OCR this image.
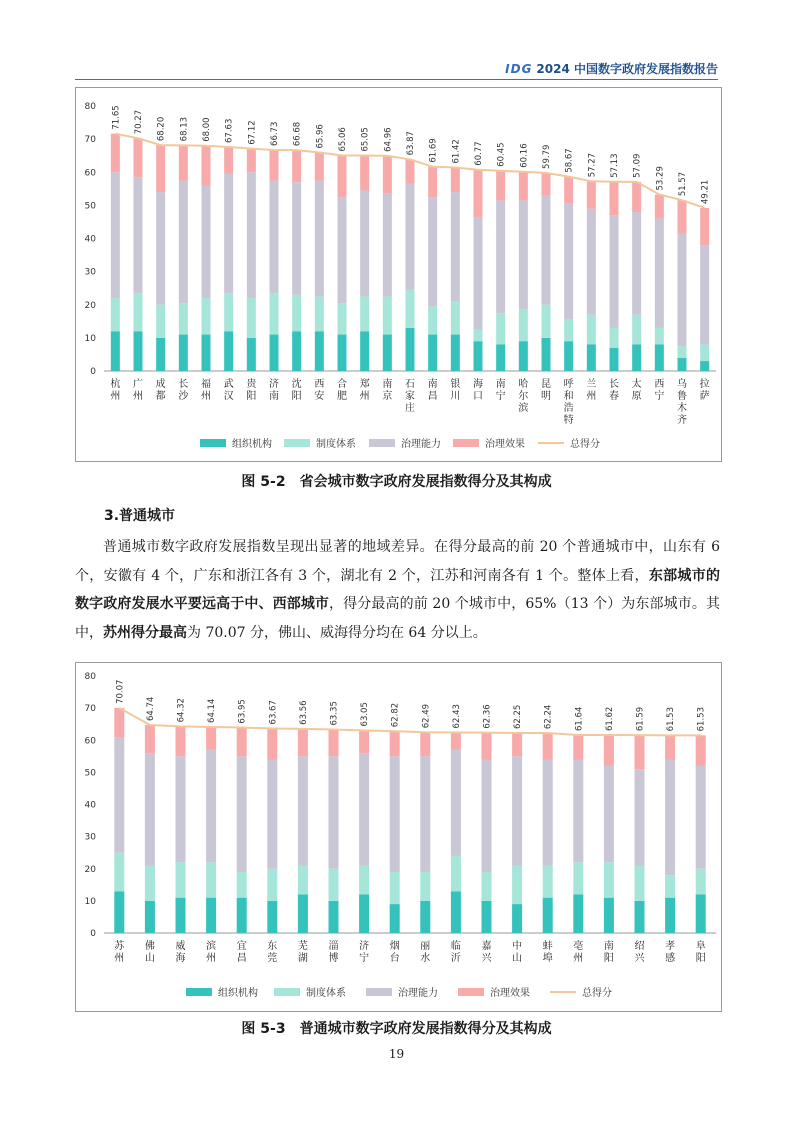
IDG 2024 中国数字政府发展指数报告
0
10
20
30
40
50
60
70
80
杭州
广州
成都
长沙
福州
武汉
贵阳
济南
沈阳
西安
合肥
郑州
南京
石家庄
南昌
银川
海口
南宁
哈尔滨
昆明
呼和浩特
兰州
长春
太原
西宁
乌鲁木齐
拉萨
71.65 70.27 68.20 68.13 68.00 67.63 67.12 66.73 66.68 65.96 65.06 65.05 64.96 63.87 61.69 61.42 60.77 60.45 60.16 59.79 58.67 57.27 57.13 57.09
53.29 51.57 49.21
组织机构	制度体系	治理能力	治理效果	总得分
图 5-2　省会城市数字政府发展指数得分及其构成
3.普通城市

普通城市数字政府发展指数呈现出显著的地域差异。在得分最高的前 20 个普通城市中，山东有 6 个，安徽有 4 个，广东和浙江各有 3 个，湖北有 2 个，江苏和河南各有 1 个。整体上看，东部城市的数字政府发展水平要远高于中、西部城市，得分最高的前 20 个城市中，65%（13 个）为东部城市。其中，苏州得分最高为 70.07 分，佛山、威海得分均在 64 分以上。

0
10
20
30
40
50
60
70
80
苏州
佛山
威海
滨州
宜昌
东莞
芜湖
淄博
济宁
烟台
丽水
临沂
嘉兴
中山
蚌埠
亳州
南阳
绍兴
孝感
阜阳
70.07
64.74 64.32 64.14 63.95 63.67 63.56 63.35 63.05 62.82 62.49 62.43 62.36 62.25 62.24 61.64 61.62 61.59 61.53 61.53
组织机构	制度体系	治理能力	治理效果	总得分
图 5-3　普通城市数字政府发展指数得分及其构成
19
